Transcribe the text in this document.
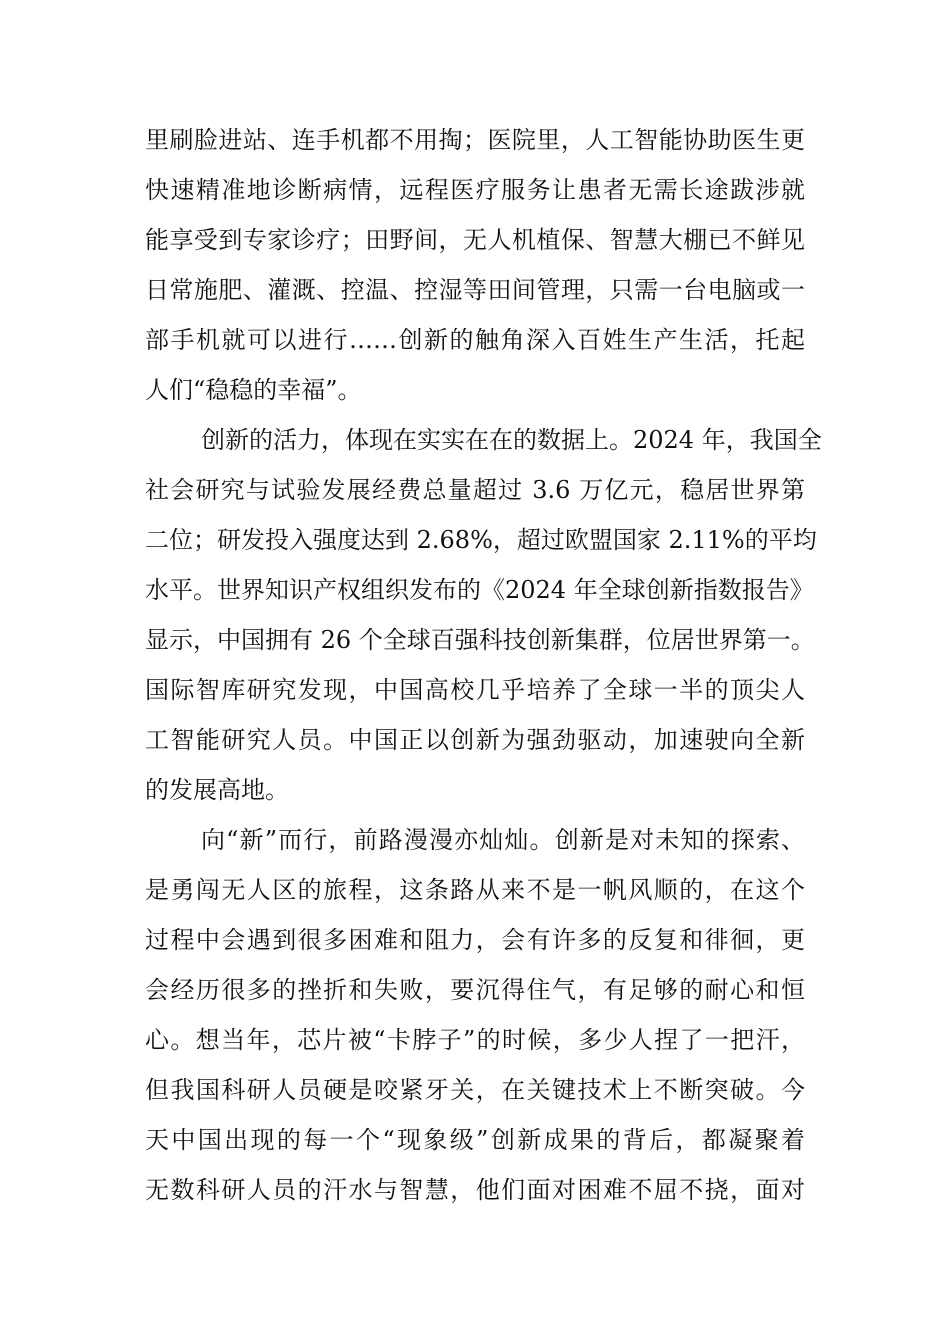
里刷脸进站、连手机都不用掏；医院里，人工智能协助医生更
快速精准地诊断病情，远程医疗服务让患者无需长途跋涉就
能享受到专家诊疗；田野间，无人机植保、智慧大棚已不鲜见
日常施肥、灌溉、控温、控湿等田间管理，只需一台电脑或一
部手机就可以进行……创新的触角深入百姓生产生活，托起
人们“稳稳的幸福”。
创新的活力，体现在实实在在的数据上。2024 年，我国全
社会研究与试验发展经费总量超过 3.6 万亿元，稳居世界第
二位；研发投入强度达到 2.68%，超过欧盟国家 2.11%的平均
水平。世界知识产权组织发布的《2024 年全球创新指数报告》
显示，中国拥有 26 个全球百强科技创新集群，位居世界第一。
国际智库研究发现，中国高校几乎培养了全球一半的顶尖人
工智能研究人员。中国正以创新为强劲驱动，加速驶向全新
的发展高地。
向“新”而行，前路漫漫亦灿灿。创新是对未知的探索、
是勇闯无人区的旅程，这条路从来不是一帆风顺的，在这个
过程中会遇到很多困难和阻力，会有许多的反复和徘徊，更
会经历很多的挫折和失败，要沉得住气，有足够的耐心和恒
心。想当年，芯片被“卡脖子”的时候，多少人捏了一把汗，
但我国科研人员硬是咬紧牙关，在关键技术上不断突破。今
天中国出现的每一个“现象级”创新成果的背后，都凝聚着
无数科研人员的汗水与智慧，他们面对困难不屈不挠，面对
